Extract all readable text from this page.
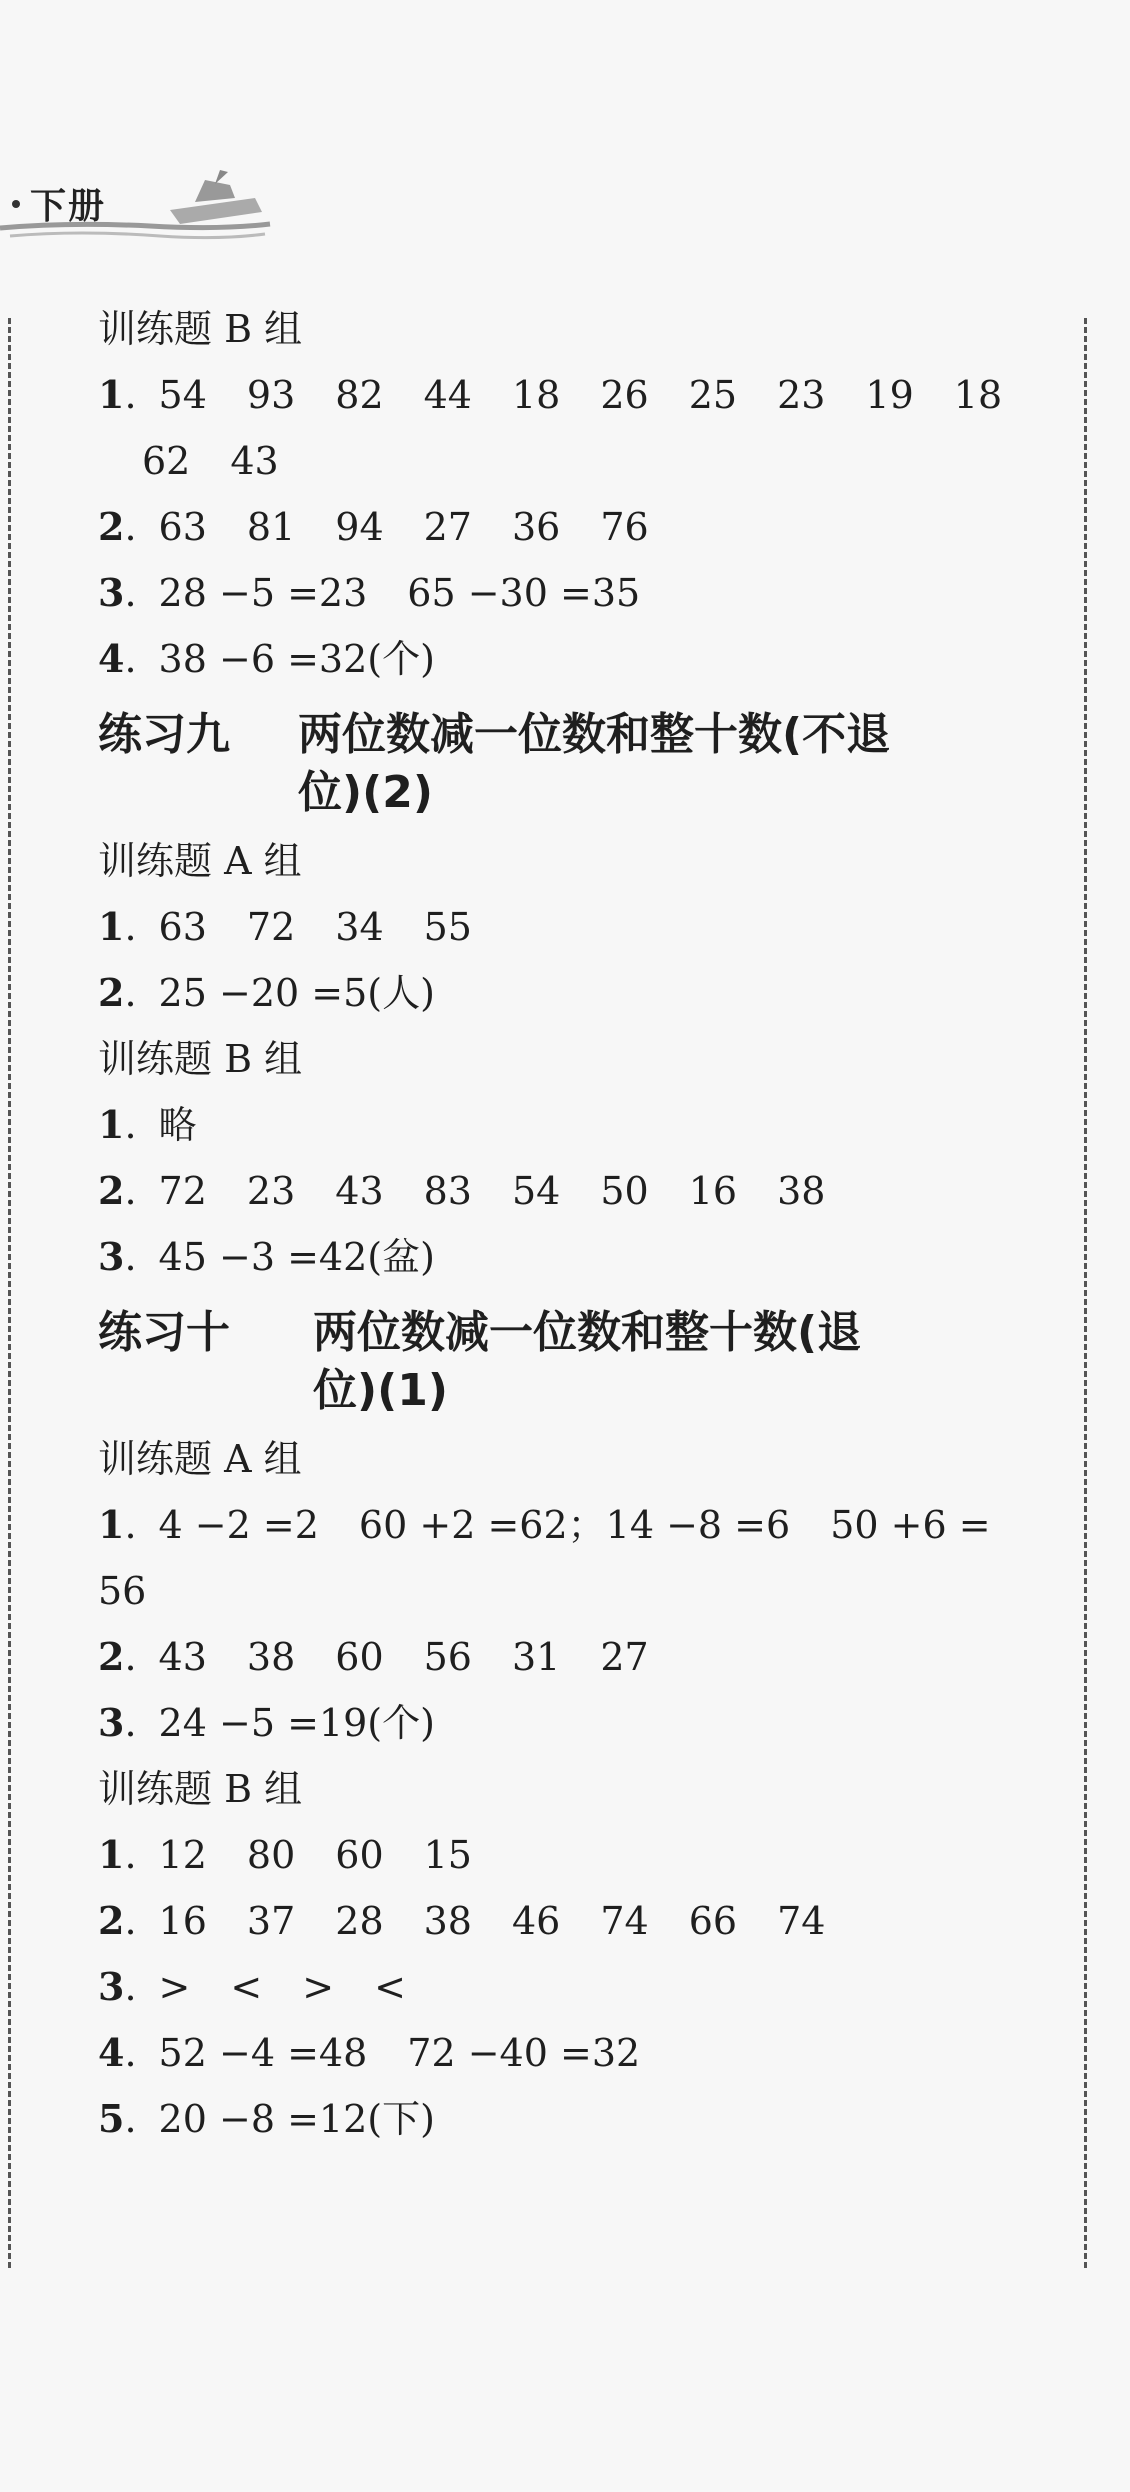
下册
训练题 B 组
1. 54 93 82 44 18 26 25 23 19 18
62 43
2. 63 81 94 27 36 76
3. 28 −5 =23 65 −30 =35
4. 38 −6 =32(个)
练习九 两位数减一位数和整十数(不退
位)(2)
训练题 A 组
1. 63 72 34 55
2. 25 −20 =5(人)
训练题 B 组
1. 略
2. 72 23 43 83 54 50 16 38
3. 45 −3 =42(盆)
练习十 两位数减一位数和整十数(退
位)(1)
训练题 A 组
1. 4 −2 =2 60 +2 =62；14 −8 =6 50 +6 =
56
2. 43 38 60 56 31 27
3. 24 −5 =19(个)
训练题 B 组
1. 12 80 60 15
2. 16 37 28 38 46 74 66 74
3. > < > <
4. 52 −4 =48 72 −40 =32
5. 20 −8 =12(下)
